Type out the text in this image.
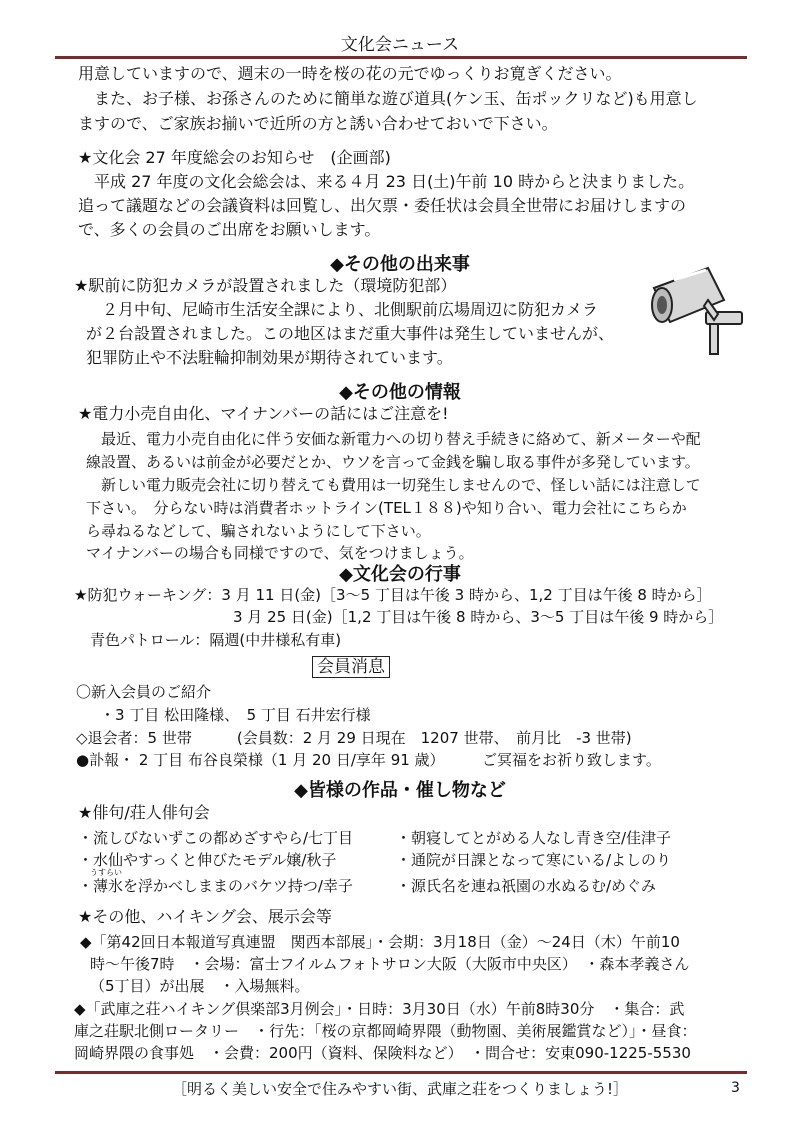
文化会ニュース
用意していますので、週末の一時を桜の花の元でゆっくりお寛ぎください。
　また、お子様、お孫さんのために簡単な遊び道具(ケン玉、缶ポックリなど)も用意し
ますので、ご家族お揃いで近所の方と誘い合わせておいで下さい。
★文化会 27 年度総会のお知らせ　(企画部)
　平成 27 年度の文化会総会は、来る４月 23 日(土)午前 10 時からと決まりました。
追って議題などの会議資料は回覧し、出欠票・委任状は会員全世帯にお届けしますの
で、多くの会員のご出席をお願いします。
◆その他の出来事
★駅前に防犯カメラが設置されました（環境防犯部）
　２月中旬、尼崎市生活安全課により、北側駅前広場周辺に防犯カメラ
が２台設置されました。この地区はまだ重大事件は発生していませんが、
犯罪防止や不法駐輪抑制効果が期待されています。
◆その他の情報
★電力小売自由化、マイナンバーの話にはご注意を!
　最近、電力小売自由化に伴う安価な新電力への切り替え手続きに絡めて、新メーターや配
線設置、あるいは前金が必要だとか、ウソを言って金銭を騙し取る事件が多発しています。
　新しい電力販売会社に切り替えても費用は一切発生しませんので、怪しい話には注意して
下さい。　分らない時は消費者ホットライン(TEL１８８)や知り合い、電力会社にこちらか
ら尋ねるなどして、騙されないようにして下さい。
マイナンバーの場合も同様ですので、気をつけましょう。
◆文化会の行事
★防犯ウォーキング：3 月 11 日(金)［3～5 丁目は午後 3 時から、1,2 丁目は午後 8 時から］
3 月 25 日(金)［1,2 丁目は午後 8 時から、3～5 丁目は午後 9 時から］
青色パトロール：隔週(中井様私有車)
会員消息
〇新入会員のご紹介
・3 丁目 松田隆様、　5 丁目 石井宏行様
◇退会者：5 世帯　　　(会員数：2 月 29 日現在　1207 世帯、　前月比　-3 世帯)
●訃報・ 2 丁目 布谷良榮様（1 月 20 日/享年 91 歳）　　　ご冥福をお祈り致します。
◆皆様の作品・催し物など
★俳句/荘人俳句会
・流しびないずこの都めざすやら/七丁目
・水仙やすっくと伸びたモデル嬢/秋子
うすらい
・薄氷を浮かべしままのバケツ持つ/幸子
・朝寝してとがめる人なし青き空/佳津子
・通院が日課となって寒にいる/よしのり
・源氏名を連ね祇園の水ぬるむ/めぐみ
★その他、ハイキング会、展示会等
◆「第42回日本報道写真連盟　関西本部展」・会期：3月18日（金）～24日（木）午前10
時～午後7時　・会場：富士フイルムフォトサロン大阪（大阪市中央区）　・森本孝義さん
（5丁目）が出展　・入場無料。
◆「武庫之荘ハイキング倶楽部3月例会」・日時：3月30日（水）午前8時30分　・集合：武
庫之荘駅北側ロータリー　・行先：「桜の京都岡崎界隈（動物園、美術展鑑賞など）」・昼食：
岡崎界隈の食事処　・会費：200円（資料、保険料など）　・問合せ：安東090-1225-5530
［明るく美しい安全で住みやすい街、武庫之荘をつくりましょう!］	3
